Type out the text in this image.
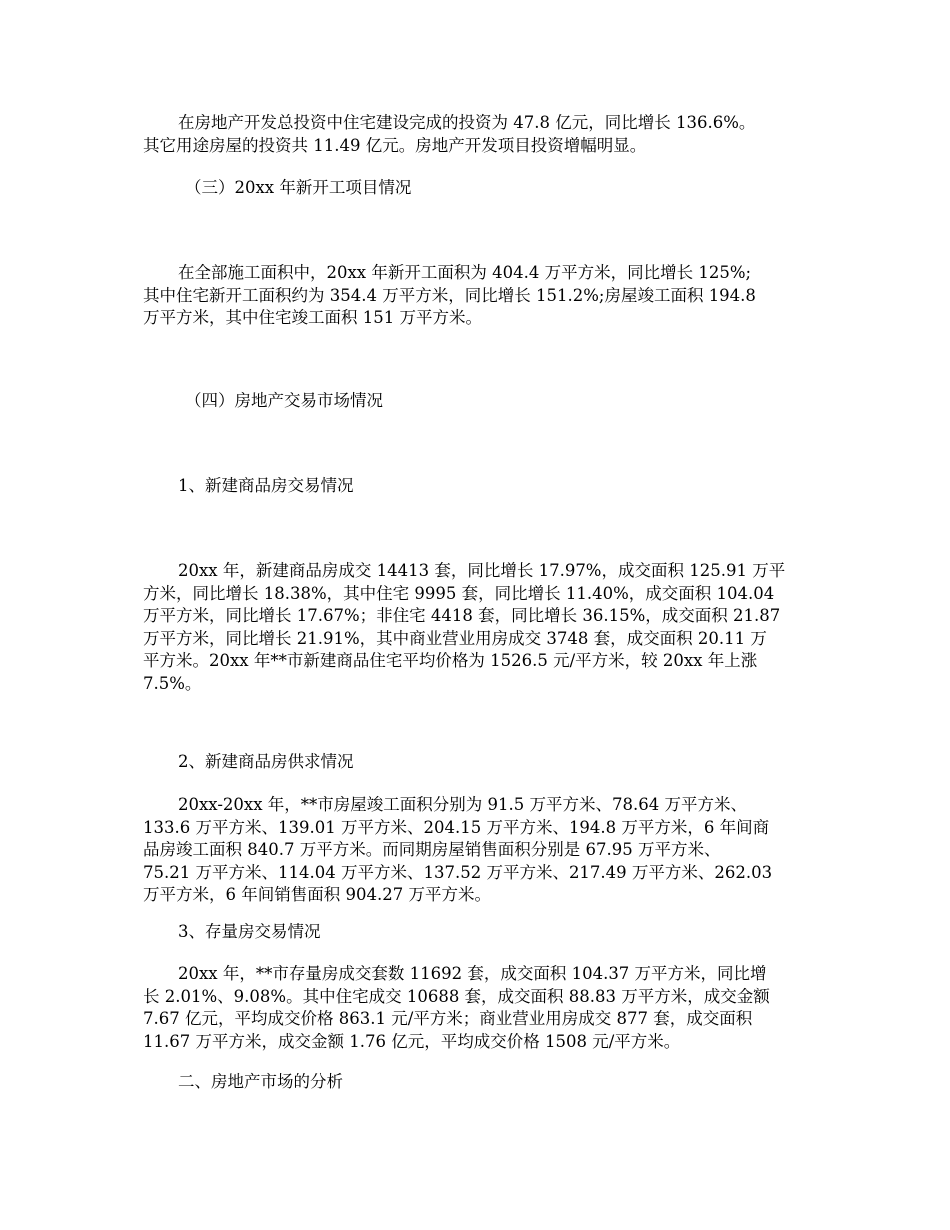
在房地产开发总投资中住宅建设完成的投资为 47.8 亿元，同比增长 136.6%。
其它用途房屋的投资共 11.49 亿元。房地产开发项目投资增幅明显。

（三）20xx 年新开工项目情况

在全部施工面积中，20xx 年新开工面积为 404.4 万平方米，同比增长 125%;
其中住宅新开工面积约为 354.4 万平方米，同比增长 151.2%;房屋竣工面积 194.8
万平方米，其中住宅竣工面积 151 万平方米。

（四）房地产交易市场情况

1、新建商品房交易情况

20xx 年，新建商品房成交 14413 套，同比增长 17.97%，成交面积 125.91 万平
方米，同比增长 18.38%，其中住宅 9995 套，同比增长 11.40%，成交面积 104.04
万平方米，同比增长 17.67%；非住宅 4418 套，同比增长 36.15%，成交面积 21.87
万平方米，同比增长 21.91%，其中商业营业用房成交 3748 套，成交面积 20.11 万
平方米。20xx 年**市新建商品住宅平均价格为 1526.5 元/平方米，较 20xx 年上涨
7.5%。

2、新建商品房供求情况

20xx-20xx 年，**市房屋竣工面积分别为 91.5 万平方米、78.64 万平方米、
133.6 万平方米、139.01 万平方米、204.15 万平方米、194.8 万平方米，6 年间商
品房竣工面积 840.7 万平方米。而同期房屋销售面积分别是 67.95 万平方米、
75.21 万平方米、114.04 万平方米、137.52 万平方米、217.49 万平方米、262.03
万平方米，6 年间销售面积 904.27 万平方米。

3、存量房交易情况

20xx 年，**市存量房成交套数 11692 套，成交面积 104.37 万平方米，同比增
长 2.01%、9.08%。其中住宅成交 10688 套，成交面积 88.83 万平方米，成交金额
7.67 亿元，平均成交价格 863.1 元/平方米；商业营业用房成交 877 套，成交面积
11.67 万平方米，成交金额 1.76 亿元，平均成交价格 1508 元/平方米。

二、房地产市场的分析
